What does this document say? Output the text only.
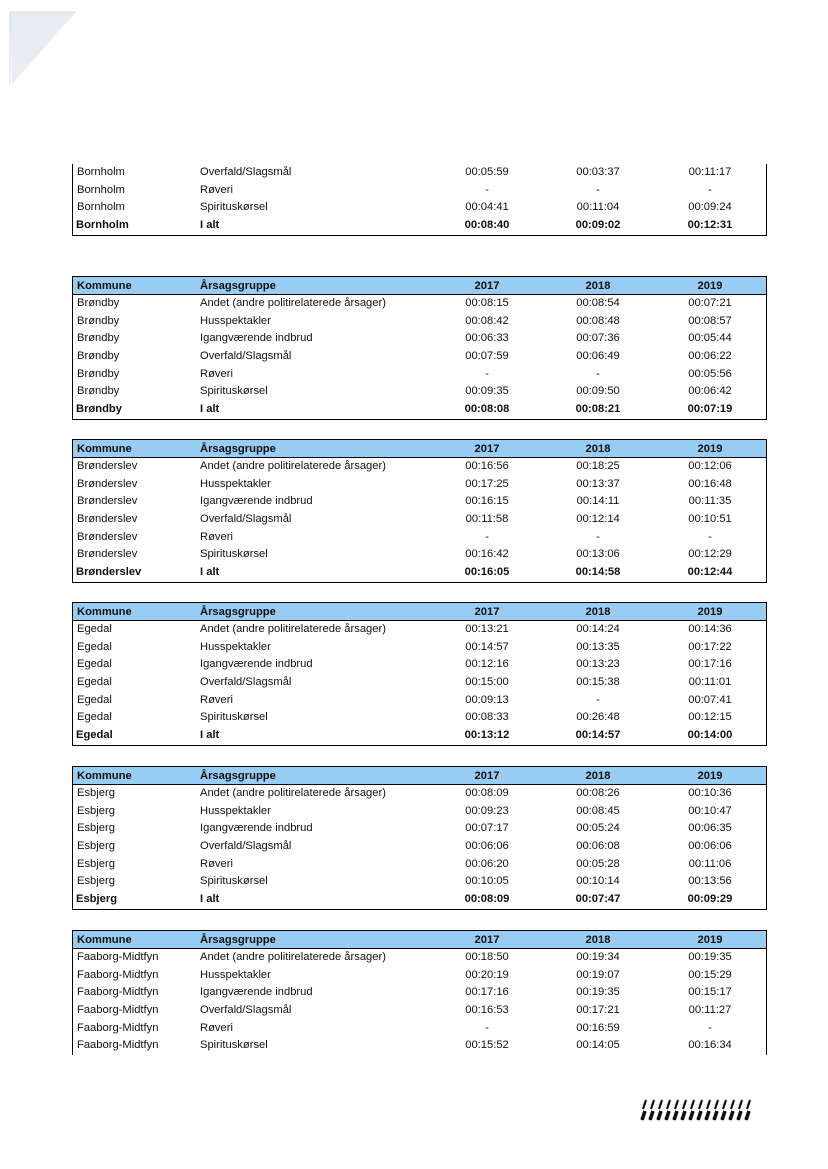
Bornholm	Overfald/Slagsmål	00:05:59	00:03:37	00:11:17
Bornholm	Røveri	-	-	-
Bornholm	Spirituskørsel	00:04:41	00:11:04	00:09:24
Bornholm	I alt	00:08:40	00:09:02	00:12:31
Kommune	Årsagsgruppe	2017	2018	2019
Brøndby	Andet (andre politirelaterede årsager)	00:08:15	00:08:54	00:07:21
Brøndby	Husspektakler	00:08:42	00:08:48	00:08:57
Brøndby	Igangværende indbrud	00:06:33	00:07:36	00:05:44
Brøndby	Overfald/Slagsmål	00:07:59	00:06:49	00:06:22
Brøndby	Røveri	-	-	00:05:56
Brøndby	Spirituskørsel	00:09:35	00:09:50	00:06:42
Brøndby	I alt	00:08:08	00:08:21	00:07:19
Kommune	Årsagsgruppe	2017	2018	2019
Brønderslev	Andet (andre politirelaterede årsager)	00:16:56	00:18:25	00:12:06
Brønderslev	Husspektakler	00:17:25	00:13:37	00:16:48
Brønderslev	Igangværende indbrud	00:16:15	00:14:11	00:11:35
Brønderslev	Overfald/Slagsmål	00:11:58	00:12:14	00:10:51
Brønderslev	Røveri	-	-	-
Brønderslev	Spirituskørsel	00:16:42	00:13:06	00:12:29
Brønderslev	I alt	00:16:05	00:14:58	00:12:44
Kommune	Årsagsgruppe	2017	2018	2019
Egedal	Andet (andre politirelaterede årsager)	00:13:21	00:14:24	00:14:36
Egedal	Husspektakler	00:14:57	00:13:35	00:17:22
Egedal	Igangværende indbrud	00:12:16	00:13:23	00:17:16
Egedal	Overfald/Slagsmål	00:15:00	00:15:38	00:11:01
Egedal	Røveri	00:09:13	-	00:07:41
Egedal	Spirituskørsel	00:08:33	00:26:48	00:12:15
Egedal	I alt	00:13:12	00:14:57	00:14:00
Kommune	Årsagsgruppe	2017	2018	2019
Esbjerg	Andet (andre politirelaterede årsager)	00:08:09	00:08:26	00:10:36
Esbjerg	Husspektakler	00:09:23	00:08:45	00:10:47
Esbjerg	Igangværende indbrud	00:07:17	00:05:24	00:06:35
Esbjerg	Overfald/Slagsmål	00:06:06	00:06:08	00:06:06
Esbjerg	Røveri	00:06:20	00:05:28	00:11:06
Esbjerg	Spirituskørsel	00:10:05	00:10:14	00:13:56
Esbjerg	I alt	00:08:09	00:07:47	00:09:29
Kommune	Årsagsgruppe	2017	2018	2019
Faaborg-Midtfyn	Andet (andre politirelaterede årsager)	00:18:50	00:19:34	00:19:35
Faaborg-Midtfyn	Husspektakler	00:20:19	00:19:07	00:15:29
Faaborg-Midtfyn	Igangværende indbrud	00:17:16	00:19:35	00:15:17
Faaborg-Midtfyn	Overfald/Slagsmål	00:16:53	00:17:21	00:11:27
Faaborg-Midtfyn	Røveri	-	00:16:59	-
Faaborg-Midtfyn	Spirituskørsel	00:15:52	00:14:05	00:16:34
